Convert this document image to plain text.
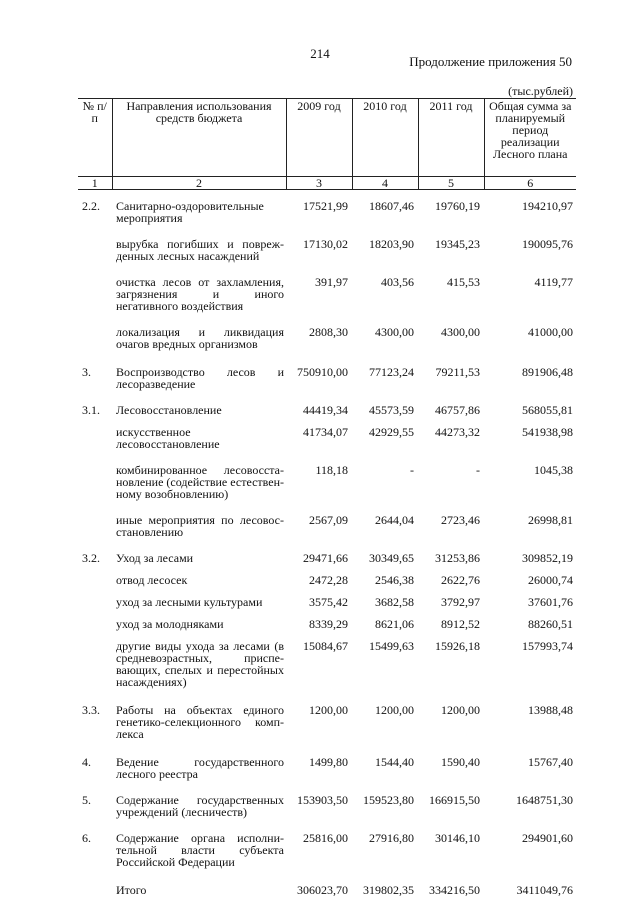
214
Продолжение приложения 50
(тыс.рублей)
№ п/п	Направления использования средств бюджета	2009 год	2010 год	2011 год	Общая сумма за планируемый период реализации Лесного плана
1	2	3	4	5	6

2.2.	Санитарно-оздоровительные мероприятия	17521,99	18607,46	19760,19	194210,97

	вырубка погибших и поврежденных лесных насаждений	17130,02	18203,90	19345,23	190095,76

	очистка лесов от захламления, загрязнения и иного негативного воздействия	391,97	403,56	415,53	4119,77

	локализация и ликвидация очагов вредных организмов	2808,30	4300,00	4300,00	41000,00

3.	Воспроизводство лесов и лесоразведение	750910,00	77123,24	79211,53	891906,48

3.1.	Лесовосстановление	44419,34	45573,59	46757,86	568055,81

	искусственное лесовосстановление	41734,07	42929,55	44273,32	541938,98

	комбинированное лесовосстановление (содействие естественному возобновлению)	118,18	-	-	1045,38

	иные мероприятия по лесовосстановлению	2567,09	2644,04	2723,46	26998,81

3.2.	Уход за лесами	29471,66	30349,65	31253,86	309852,19

	отвод лесосек	2472,28	2546,38	2622,76	26000,74

	уход за лесными культурами	3575,42	3682,58	3792,97	37601,76

	уход за молодняками	8339,29	8621,06	8912,52	88260,51

	другие виды ухода за лесами (в средневозрастных, приспевающих, спелых и перестойных насаждениях)	15084,67	15499,63	15926,18	157993,74

3.3.	Работы на объектах единого генетико-селекционного комплекса	1200,00	1200,00	1200,00	13988,48

4.	Ведение государственного лесного реестра	1499,80	1544,40	1590,40	15767,40

5.	Содержание государственных учреждений (лесничеств)	153903,50	159523,80	166915,50	1648751,30

6.	Содержание органа исполнительной власти субъекта Российской Федерации	25816,00	27916,80	30146,10	294901,60

	Итого	306023,70	319802,35	334216,50	3411049,76
